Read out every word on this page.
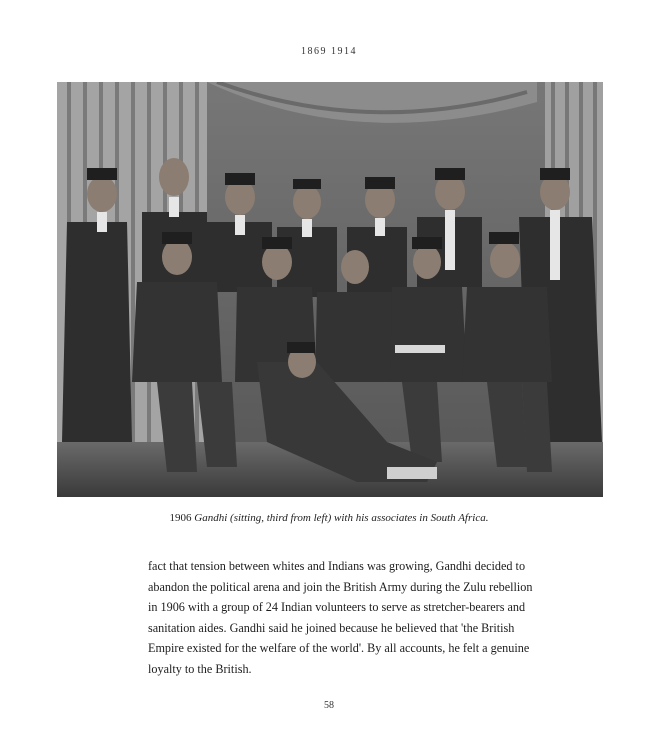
1869 1914
1906 Gandhi (sitting, third from left) with his associates in South Africa.
fact that tension between whites and Indians was growing, Gandhi decided to
abandon the political arena and join the British Army during the Zulu rebellion
in 1906 with a group of 24 Indian volunteers to serve as stretcher-bearers and
sanitation aides. Gandhi said he joined because he believed that 'the British
Empire existed for the welfare of the world'. By all accounts, he felt a genuine
loyalty to the British.
58
